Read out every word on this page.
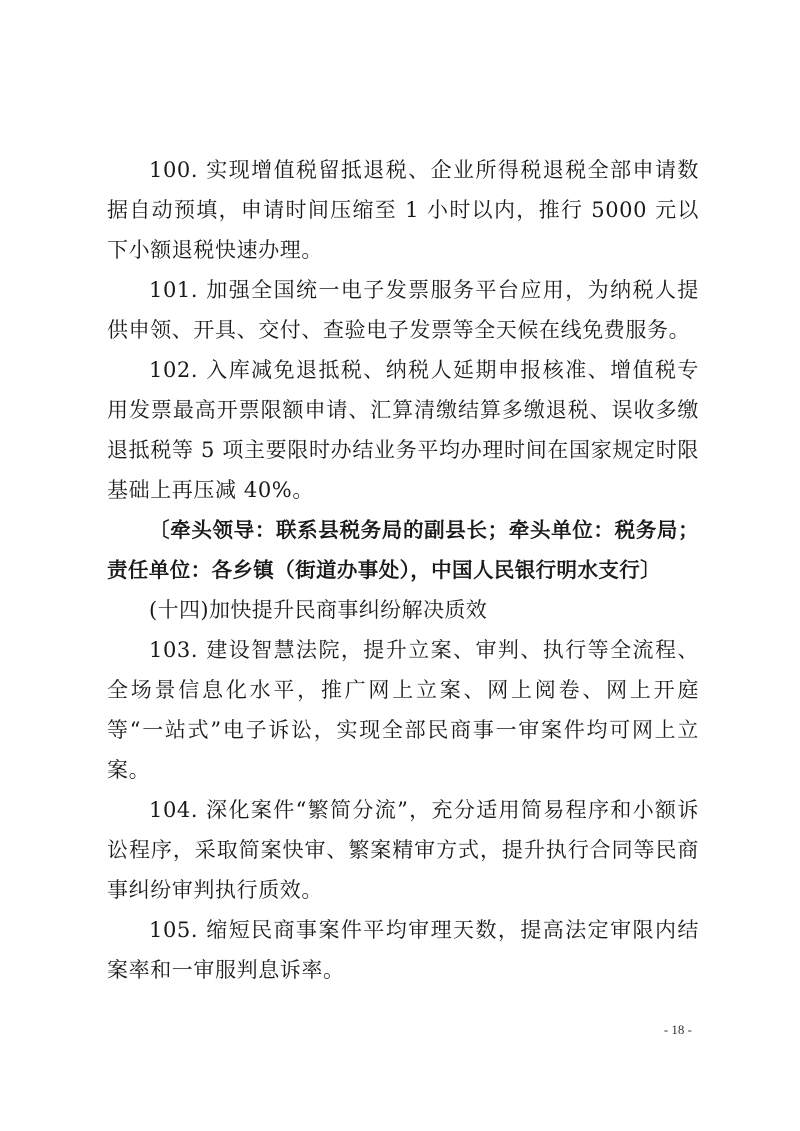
100. 实现增值税留抵退税、企业所得税退税全部申请数据自动预填，申请时间压缩至 1 小时以内，推行 5000 元以下小额退税快速办理。

101. 加强全国统一电子发票服务平台应用，为纳税人提供申领、开具、交付、查验电子发票等全天候在线免费服务。

102. 入库减免退抵税、纳税人延期申报核准、增值税专用发票最高开票限额申请、汇算清缴结算多缴退税、误收多缴退抵税等 5 项主要限时办结业务平均办理时间在国家规定时限基础上再压减 40%。

〔牵头领导：联系县税务局的副县长；牵头单位：税务局；责任单位：各乡镇（街道办事处），中国人民银行明水支行〕

(十四)加快提升民商事纠纷解决质效

103. 建设智慧法院，提升立案、审判、执行等全流程、全场景信息化水平，推广网上立案、网上阅卷、网上开庭等“一站式”电子诉讼，实现全部民商事一审案件均可网上立案。

104. 深化案件“繁简分流”，充分适用简易程序和小额诉讼程序，采取简案快审、繁案精审方式，提升执行合同等民商事纠纷审判执行质效。

105. 缩短民商事案件平均审理天数，提高法定审限内结案率和一审服判息诉率。

- 18 -
